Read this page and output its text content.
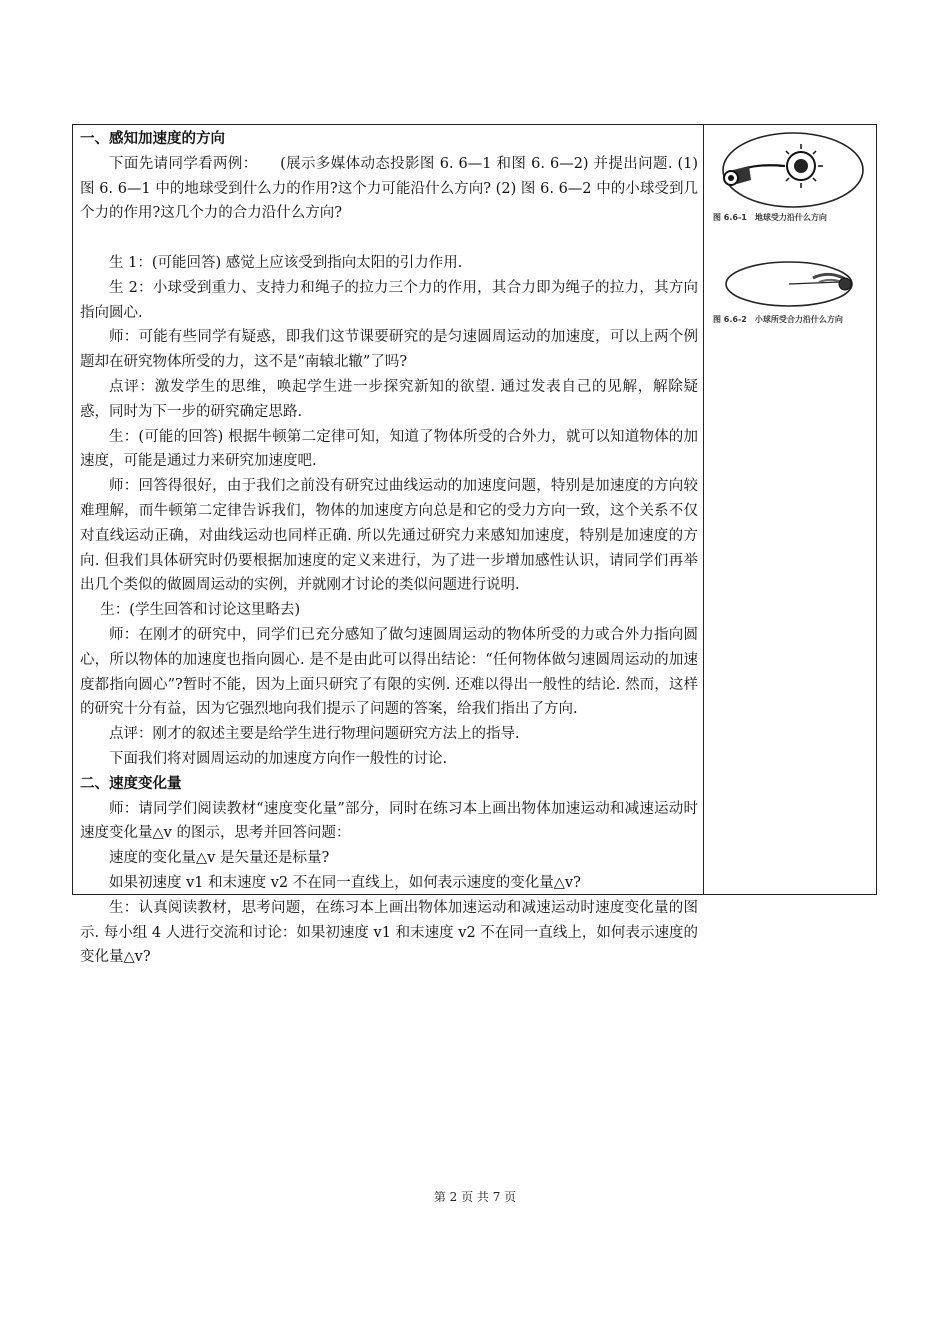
一、感知加速度的方向

下面先请同学看两例：　　(展示多媒体动态投影图 6. 6—1 和图 6. 6—2) 并提出问题. (1) 图 6. 6—1 中的地球受到什么力的作用?这个力可能沿什么方向? (2) 图 6. 6—2 中的小球受到几个力的作用?这几个力的合力沿什么方向?

生 1：(可能回答) 感觉上应该受到指向太阳的引力作用.

生 2：小球受到重力、支持力和绳子的拉力三个力的作用，其合力即为绳子的拉力，其方向指向圆心.

师：可能有些同学有疑惑，即我们这节课要研究的是匀速圆周运动的加速度，可以上两个例题却在研究物体所受的力，这不是“南辕北辙”了吗?

点评：激发学生的思维，唤起学生进一步探究新知的欲望. 通过发表自己的见解，解除疑惑，同时为下一步的研究确定思路.

生：(可能的回答) 根据牛顿第二定律可知，知道了物体所受的合外力，就可以知道物体的加速度，可能是通过力来研究加速度吧.

师：回答得很好，由于我们之前没有研究过曲线运动的加速度问题，特别是加速度的方向较难理解，而牛顿第二定律告诉我们，物体的加速度方向总是和它的受力方向一致，这个关系不仅对直线运动正确，对曲线运动也同样正确. 所以先通过研究力来感知加速度，特别是加速度的方向. 但我们具体研究时仍要根据加速度的定义来进行，为了进一步增加感性认识，请同学们再举出几个类似的做圆周运动的实例，并就刚才讨论的类似问题进行说明.

生：(学生回答和讨论这里略去)

师：在刚才的研究中，同学们已充分感知了做匀速圆周运动的物体所受的力或合外力指向圆心，所以物体的加速度也指向圆心. 是不是由此可以得出结论：“任何物体做匀速圆周运动的加速度都指向圆心”?暂时不能，因为上面只研究了有限的实例. 还难以得出一般性的结论. 然而，这样的研究十分有益，因为它强烈地向我们提示了问题的答案，给我们指出了方向.

点评：刚才的叙述主要是给学生进行物理问题研究方法上的指导.

下面我们将对圆周运动的加速度方向作一般性的讨论.

二、速度变化量

师：请同学们阅读教材“速度变化量”部分，同时在练习本上画出物体加速运动和减速运动时速度变化量△v 的图示，思考并回答问题：

速度的变化量△v 是矢量还是标量?

如果初速度 v1 和末速度 v2 不在同一直线上，如何表示速度的变化量△v?

生：认真阅读教材，思考问题，在练习本上画出物体加速运动和减速运动时速度变化量的图示. 每小组 4 人进行交流和讨论：如果初速度 v1 和末速度 v2 不在同一直线上，如何表示速度的变化量△v?

图 6.6-1　地球受力沿什么方向
图 6.6-2　小球所受合力沿什么方向
第 2 页 共 7 页
